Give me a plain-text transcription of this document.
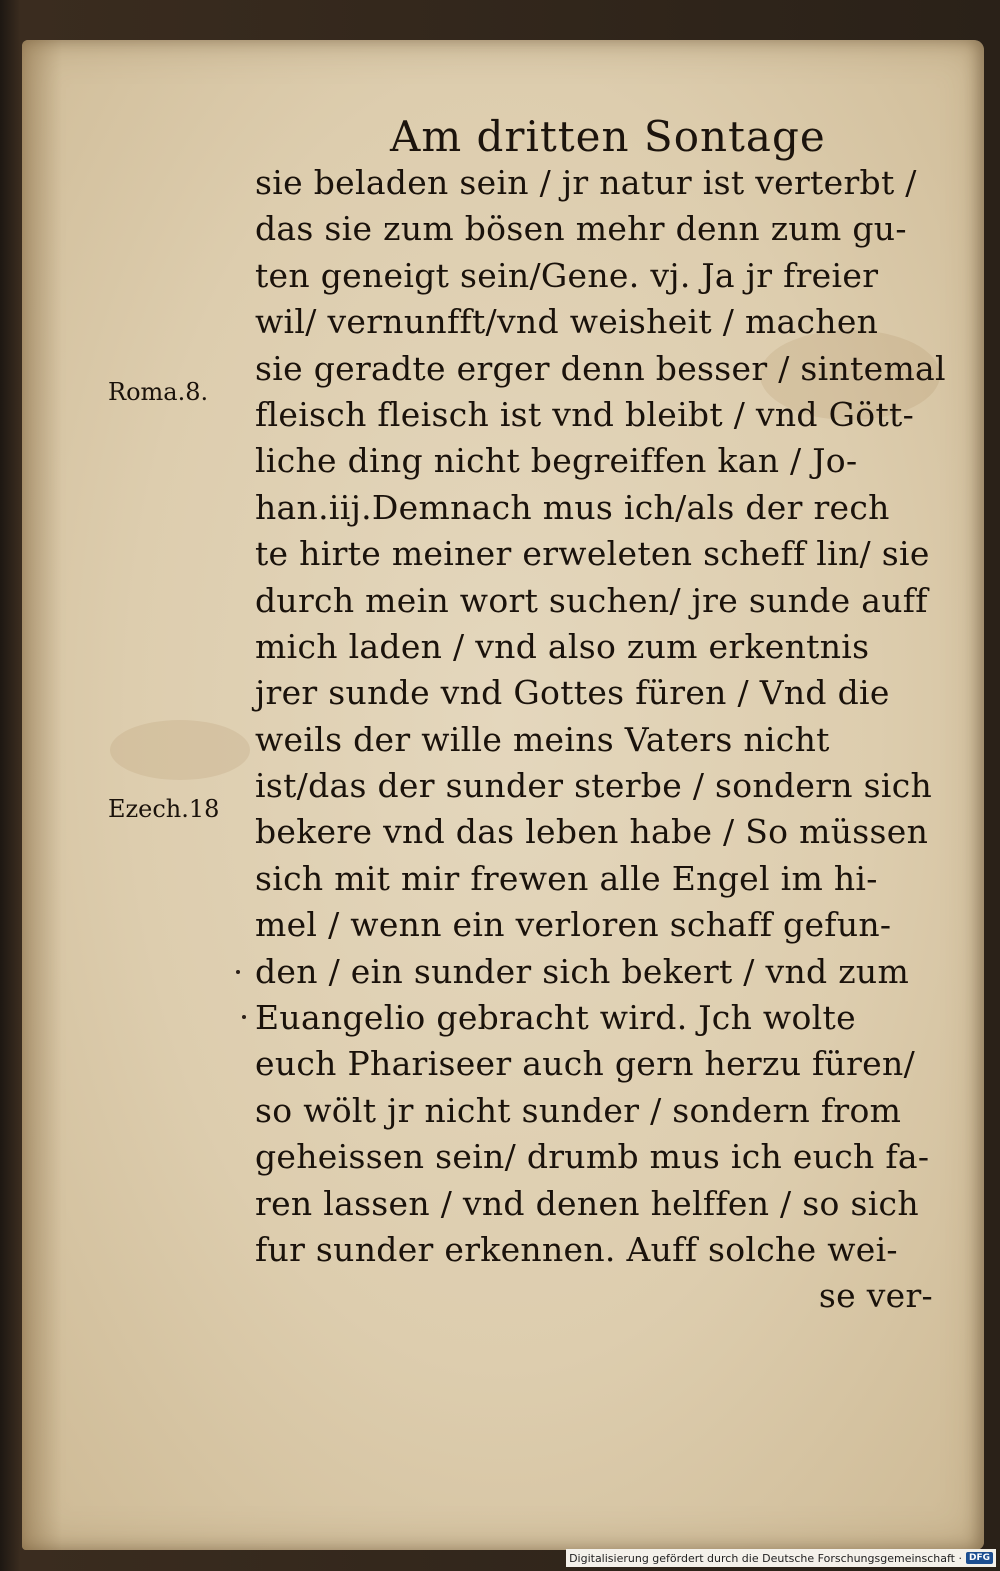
Am dritten Sontage
Roma.8.
Ezech.18
sie beladen sein / jr natur ist verterbt /
das sie zum bösen mehr denn zum gu-
ten geneigt sein/Gene. vj. Ja jr freier
wil/ vernunfft/vnd weisheit / machen
sie geradte erger denn besser / sintemal
fleisch fleisch ist vnd bleibt / vnd Gött-
liche ding nicht begreiffen kan / Jo-
han.iij.Demnach mus ich/als der rech
te hirte meiner erweleten scheff lin/ sie
durch mein wort suchen/ jre sunde auff
mich laden / vnd also zum erkentnis
jrer sunde vnd Gottes füren / Vnd die
weils der wille meins Vaters nicht
ist/das der sunder sterbe / sondern sich
bekere vnd das leben habe / So müssen
sich mit mir frewen alle Engel im hi-
mel / wenn ein verloren schaff gefun-
den / ein sunder sich bekert / vnd zum
Euangelio gebracht wird. Jch wolte
euch Phariseer auch gern herzu füren/
so wölt jr nicht sunder / sondern from
geheissen sein/ drumb mus ich euch fa-
ren lassen / vnd denen helffen / so sich
fur sunder erkennen. Auff solche wei-
se ver-
Digitalisierung gefördert durch die Deutsche Forschungsgemeinschaft · DFG
